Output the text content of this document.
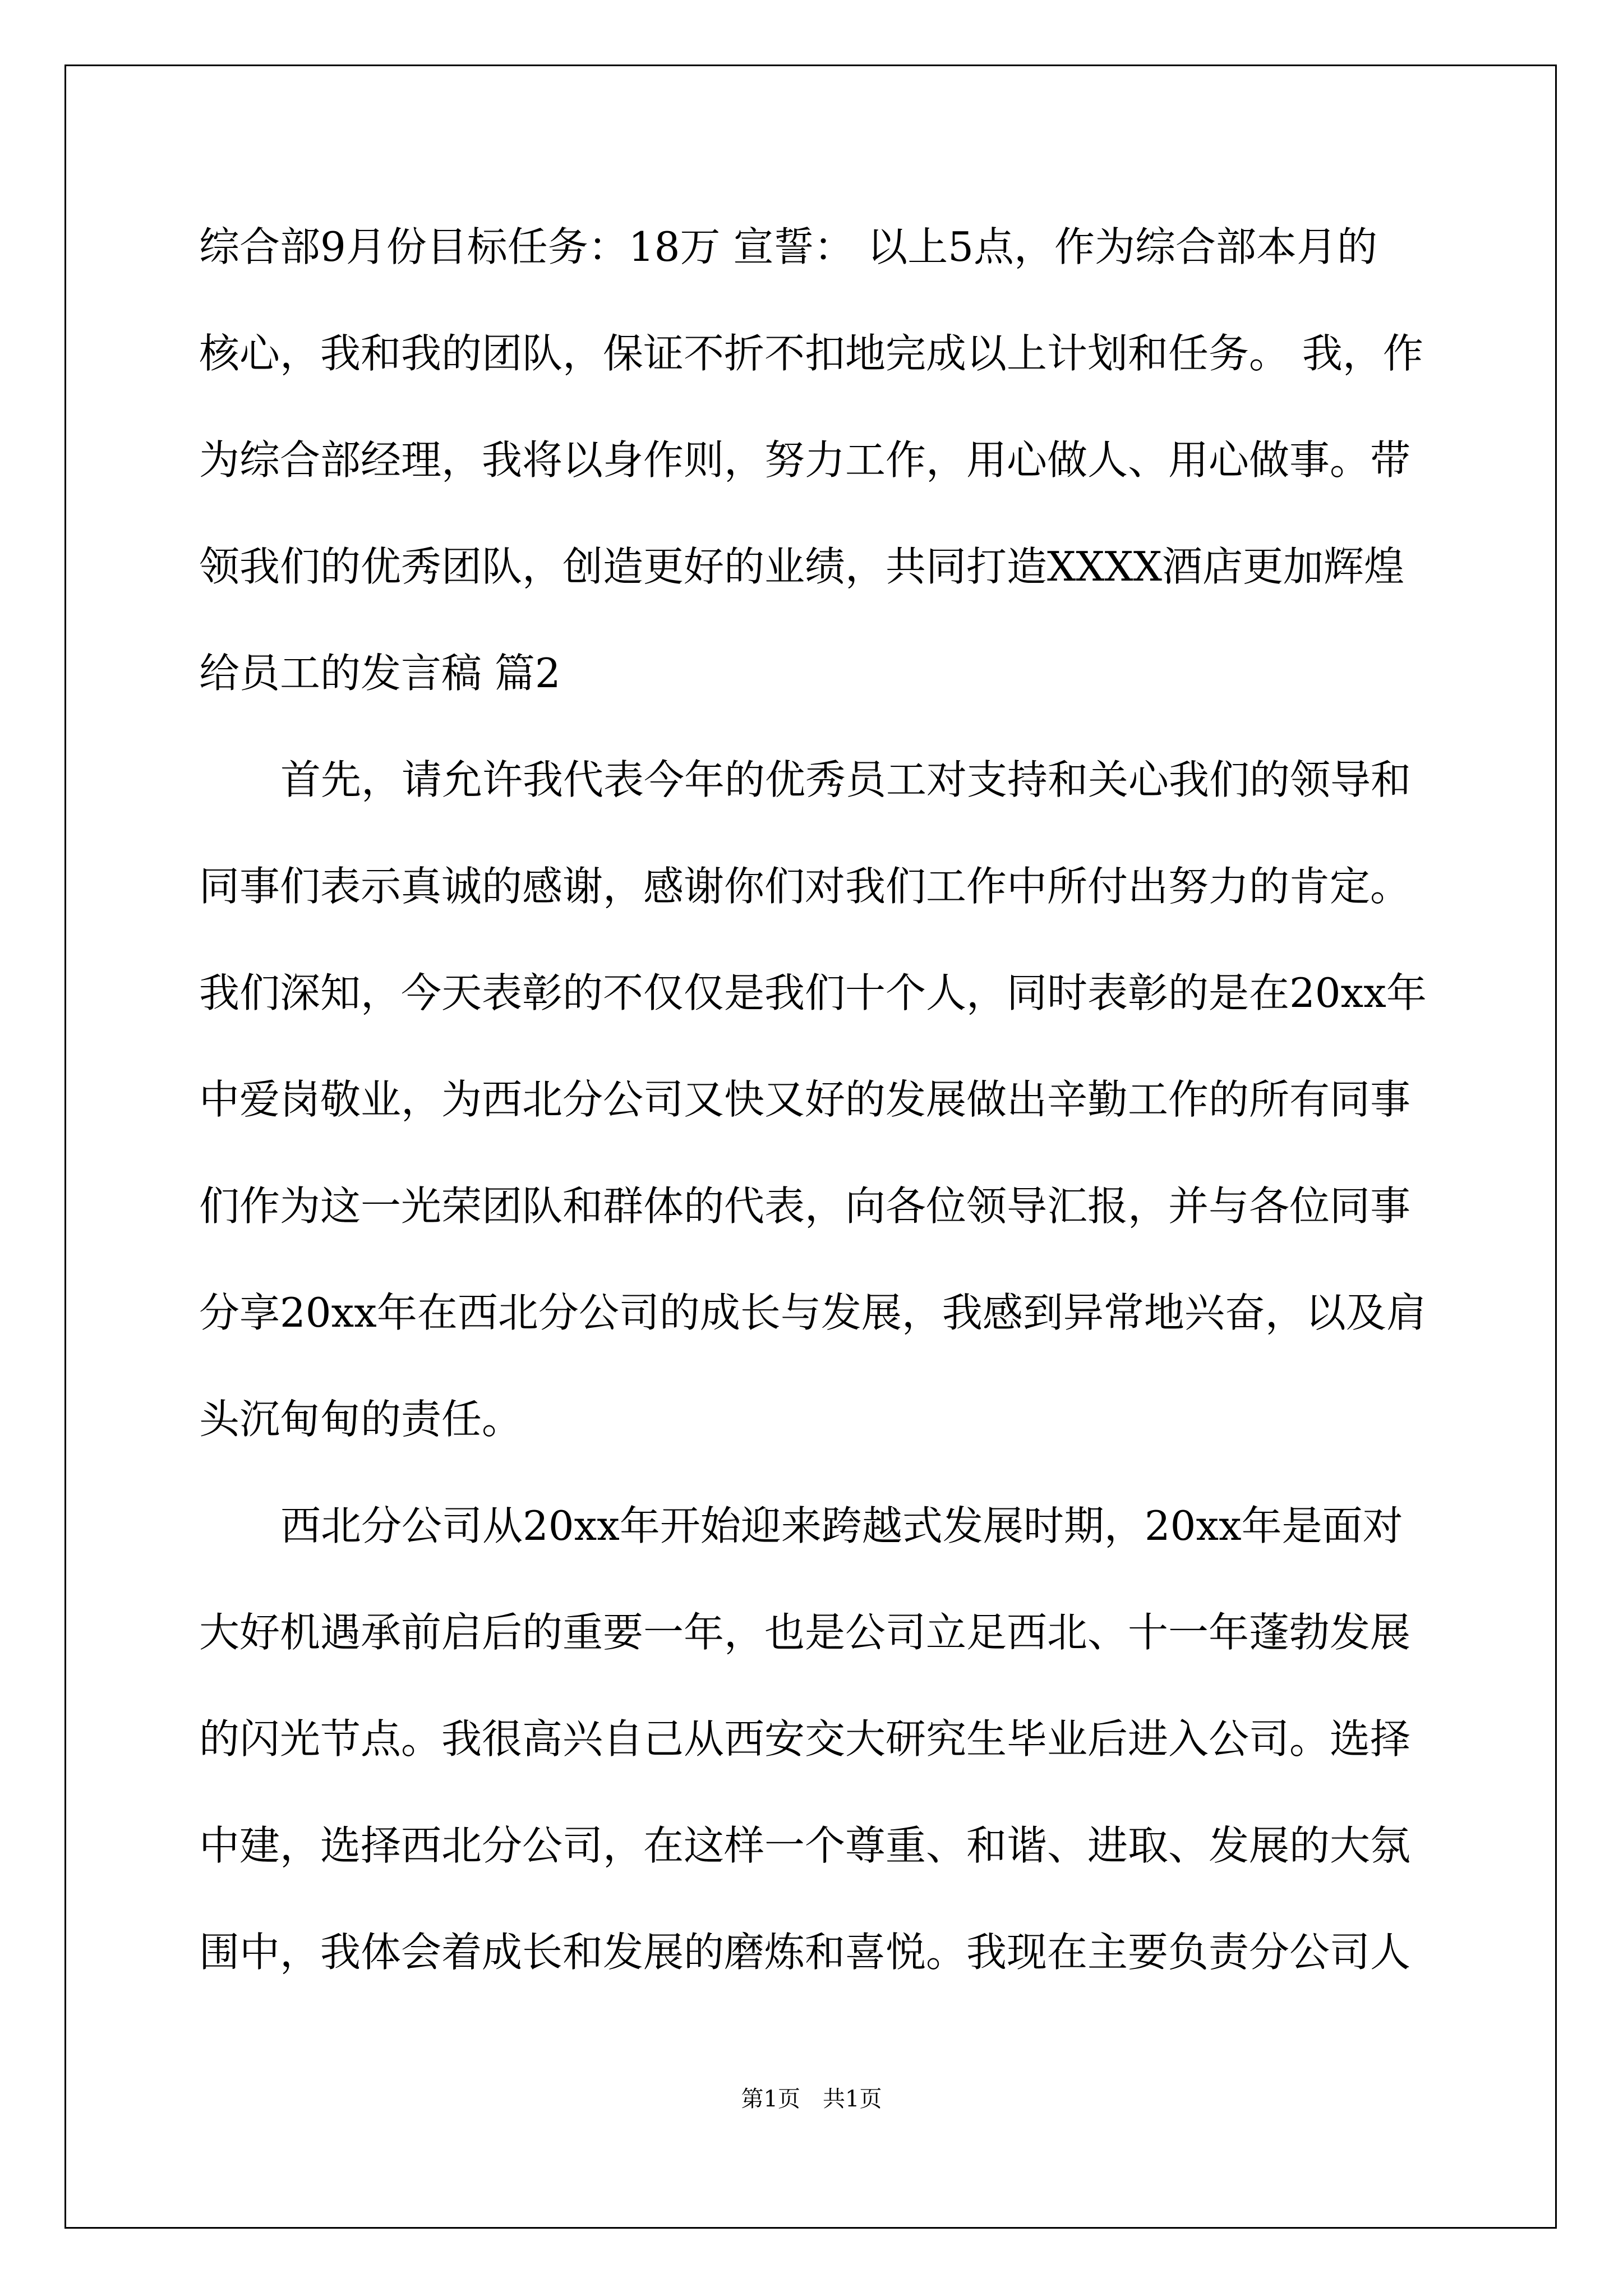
综合部9月份目标任务：18万 宣誓： 以上5点，作为综合部本月的
核心，我和我的团队，保证不折不扣地完成以上计划和任务。 我，作
为综合部经理，我将以身作则，努力工作，用心做人、用心做事。带
领我们的优秀团队，创造更好的业绩，共同打造XXXX酒店更加辉煌
给员工的发言稿 篇2
首先，请允许我代表今年的优秀员工对支持和关心我们的领导和
同事们表示真诚的感谢，感谢你们对我们工作中所付出努力的肯定。
我们深知，今天表彰的不仅仅是我们十个人，同时表彰的是在20xx年
中爱岗敬业，为西北分公司又快又好的发展做出辛勤工作的所有同事
们作为这一光荣团队和群体的代表，向各位领导汇报，并与各位同事
分享20xx年在西北分公司的成长与发展，我感到异常地兴奋，以及肩
头沉甸甸的责任。
西北分公司从20xx年开始迎来跨越式发展时期，20xx年是面对
大好机遇承前启后的重要一年，也是公司立足西北、十一年蓬勃发展
的闪光节点。我很高兴自己从西安交大研究生毕业后进入公司。选择
中建，选择西北分公司，在这样一个尊重、和谐、进取、发展的大氛
围中，我体会着成长和发展的磨炼和喜悦。我现在主要负责分公司人
第1页　共1页
